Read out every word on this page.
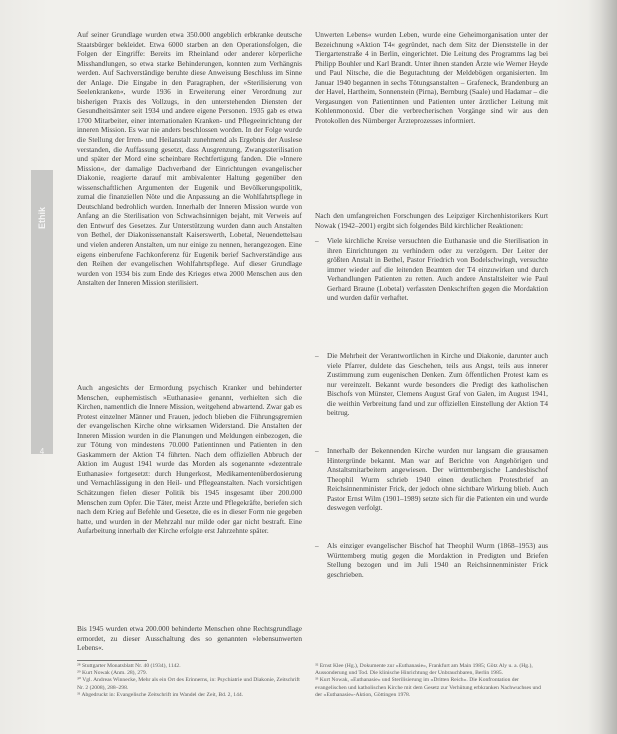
Ethik
4

Auf seiner Grundlage wurden etwa 350.000 angeblich erbkranke deutsche Staatsbürger bekleidet. Etwa 6000 starben an den Operationsfolgen, die Folgen der Eingriffe: Bereits im Rheinland oder anderer körperliche Misshandlungen, so etwa starke Behinderungen, konnten zum Verhängnis werden. Auf Sachverständige beruhte diese Anweisung Beschluss im Sinne der Anlage. Die Eingabe in den Paragraphen, der »Sterilisierung von Seelenkranken«, wurde 1936 in Erweiterung einer Verordnung zur bisherigen Praxis des Vollzugs, in den unterstehenden Diensten der Gesundheitsämter seit 1934 und andere eigene Personen. 1935 gab es etwa 1700 Mitarbeiter, einer internationalen Kranken- und Pflegeeinrichtung der inneren Mission. Es war nie anders beschlossen worden. In der Folge wurde die Stellung der Irren- und Heilanstalt zunehmend als Ergebnis der Auslese verstanden, die Auffassung gesetzt, dass Ausgrenzung, Zwangssterilisation und später der Mord eine scheinbare Rechtfertigung fanden. Die »Innere Mission«, der damalige Dachverband der Einrichtungen evangelischer Diakonie, reagierte darauf mit ambivalenter Haltung gegenüber den wissenschaftlichen Argumenten der Eugenik und Bevölkerungspolitik, zumal die finanziellen Nöte und die Anpassung an die Wohlfahrtspflege in Deutschland bedrohlich wurden. Innerhalb der Inneren Mission wurde von Anfang an die Sterilisation von Schwachsinnigen bejaht, mit Verweis auf den Entwurf des Gesetzes. Zur Unterstützung wurden dann auch Anstalten von Bethel, der Diakonissenanstalt Kaiserswerth, Lobetal, Neuendettelsau und vielen anderen Anstalten, um nur einige zu nennen, herangezogen. Eine eigens einberufene Fachkonferenz für Eugenik berief Sachverständige aus den Reihen der evangelischen Wohlfahrtspflege. Auf dieser Grundlage wurden von 1934 bis zum Ende des Krieges etwa 2000 Menschen aus den Anstalten der Inneren Mission sterilisiert.

Auch angesichts der Ermordung psychisch Kranker und behinderter Menschen, euphemistisch »Euthanasie« genannt, verhielten sich die Kirchen, namentlich die Innere Mission, weitgehend abwartend. Zwar gab es Protest einzelner Männer und Frauen, jedoch blieben die Führungsgremien der evangelischen Kirche ohne wirksamen Widerstand. Die Anstalten der Inneren Mission wurden in die Planungen und Meldungen einbezogen, die zur Tötung von mindestens 70.000 Patientinnen und Patienten in den Gaskammern der Aktion T4 führten. Nach dem offiziellen Abbruch der Aktion im August 1941 wurde das Morden als sogenannte »dezentrale Euthanasie« fortgesetzt: durch Hungerkost, Medikamentenüberdosierung und Vernachlässigung in den Heil- und Pflegeanstalten. Nach vorsichtigen Schätzungen fielen dieser Politik bis 1945 insgesamt über 200.000 Menschen zum Opfer. Die Täter, meist Ärzte und Pflegekräfte, beriefen sich nach dem Krieg auf Befehle und Gesetze, die es in dieser Form nie gegeben hatte, und wurden in der Mehrzahl nur milde oder gar nicht bestraft. Eine Aufarbeitung innerhalb der Kirche erfolgte erst Jahrzehnte später.

Bis 1945 wurden etwa 200.000 behinderte Menschen ohne Rechtsgrundlage ermordet, zu dieser Ausschaltung des so genannten »lebensunwerten Lebens«.

Unwerten Lebens« wurden Leben, wurde eine Geheimorganisation unter der Bezeichnung »Aktion T4« gegründet, nach dem Sitz der Dienststelle in der Tiergartenstraße 4 in Berlin, eingerichtet. Die Leitung des Programms lag bei Philipp Bouhler und Karl Brandt. Unter ihnen standen Ärzte wie Werner Heyde und Paul Nitsche, die die Begutachtung der Meldebögen organisierten. Im Januar 1940 begannen in sechs Tötungsanstalten – Grafeneck, Brandenburg an der Havel, Hartheim, Sonnenstein (Pirna), Bernburg (Saale) und Hadamar – die Vergasungen von Patientinnen und Patienten unter ärztlicher Leitung mit Kohlenmonoxid. Über die verbrecherischen Vorgänge sind wir aus den Protokollen des Nürnberger Ärzteprozesses informiert.

Nach den umfangreichen Forschungen des Leipziger Kirchenhistorikers Kurt Nowak (1942–2001) ergibt sich folgendes Bild kirchlicher Reaktionen:

– Viele kirchliche Kreise versuchten die Euthanasie und die Sterilisation in ihren Einrichtungen zu verhindern oder zu verzögern. Der Leiter der größten Anstalt in Bethel, Pastor Friedrich von Bodelschwingh, versuchte immer wieder auf die leitenden Beamten der T4 einzuwirken und durch Verhandlungen Patienten zu retten. Auch andere Anstaltsleiter wie Paul Gerhard Braune (Lobetal) verfassten Denkschriften gegen die Mordaktion und wurden dafür verhaftet.
– Die Mehrheit der Verantwortlichen in Kirche und Diakonie, darunter auch viele Pfarrer, duldete das Geschehen, teils aus Angst, teils aus innerer Zustimmung zum eugenischen Denken. Zum öffentlichen Protest kam es nur vereinzelt. Bekannt wurde besonders die Predigt des katholischen Bischofs von Münster, Clemens August Graf von Galen, im August 1941, die weithin Verbreitung fand und zur offiziellen Einstellung der Aktion T4 beitrug.
– Innerhalb der Bekennenden Kirche wurden nur langsam die grausamen Hintergründe bekannt. Man war auf Berichte von Angehörigen und Anstaltsmitarbeitern angewiesen. Der württembergische Landesbischof Theophil Wurm schrieb 1940 einen deutlichen Protestbrief an Reichsinnenminister Frick, der jedoch ohne sichtbare Wirkung blieb. Auch Pastor Ernst Wilm (1901–1989) setzte sich für die Patienten ein und wurde deswegen verfolgt.
– Als einziger evangelischer Bischof hat Theophil Wurm (1868–1953) aus Württemberg mutig gegen die Mordaktion in Predigten und Briefen Stellung bezogen und im Juli 1940 an Reichsinnenminister Frick geschrieben.
²⁸ Stuttgarter Monatsblatt Nr. 40 (1934), 1142.
²⁹ Kurt Nowak (Anm. 28), 279.
³⁰ Vgl. Andreas Winnecke, Mehr als ein Ort des Erinnerns, in: Psychiatrie und Diakonie, Zeitschrift Nr. 2 (2008), 288–298.
³¹ Abgedruckt in: Evangelische Zeitschrift im Wandel der Zeit, Bd. 2, 144.
³² Ernst Klee (Hg.), Dokumente zur »Euthanasie«, Frankfurt am Main 1985; Götz Aly u. a. (Hg.), Aussonderung und Tod. Die klinische Hinrichtung der Unbrauchbaren, Berlin 1985.
³³ Kurt Nowak, »Euthanasie« und Sterilisierung im »Dritten Reich«. Die Konfrontation der evangelischen und katholischen Kirche mit dem Gesetz zur Verhütung erbkranken Nachwuchses und der »Euthanasie«-Aktion, Göttingen 1978.
